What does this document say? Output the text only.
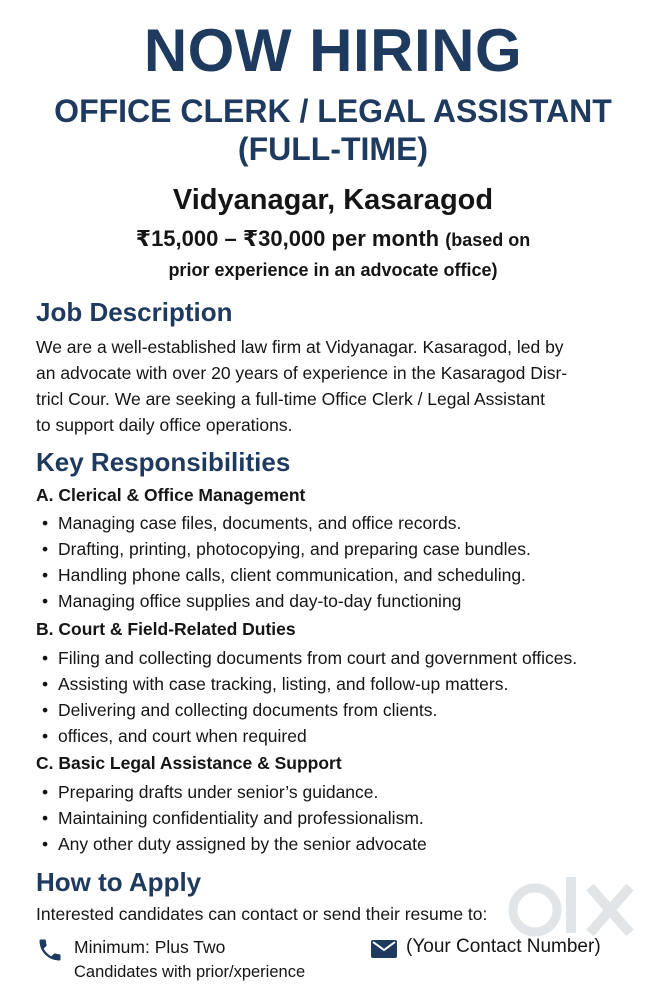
NOW HIRING
OFFICE CLERK / LEGAL ASSISTANT
(FULL-TIME)
Vidyanagar, Kasaragod
₹15,000 – ₹30,000 per month (based on
prior experience in an advocate office)
Job Description
We are a well-established law firm at Vidyanagar. Kasaragod, led by
an advocate with over 20 years of experience in the Kasaragod Disr-
tricl Cour. We are seeking a full-time Office Clerk / Legal Assistant
to support daily office operations.
Key Responsibilities
A. Clerical & Office Management
• Managing case files, documents, and office records.
• Drafting, printing, photocopying, and preparing case bundles.
• Handling phone calls, client communication, and scheduling.
• Managing office supplies and day-to-day functioning
B. Court & Field-Related Duties
• Filing and collecting documents from court and government offices.
• Assisting with case tracking, listing, and follow-up matters.
• Delivering and collecting documents from clients.
• offices, and court when required
C. Basic Legal Assistance & Support
• Preparing drafts under senior’s guidance.
• Maintaining confidentiality and professionalism.
• Any other duty assigned by the senior advocate
How to Apply
Interested candidates can contact or send their resume to:
Minimum: Plus Two
Candidates with prior/xperience
(Your Contact Number)
